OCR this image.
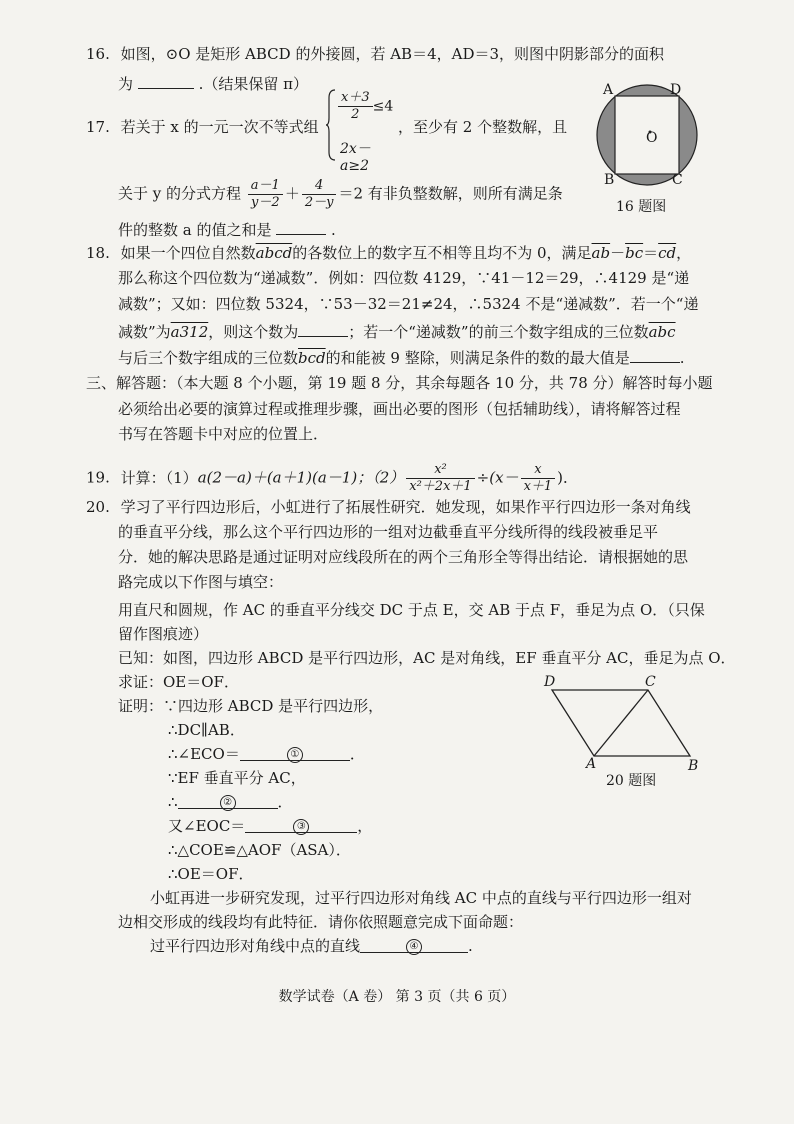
16. 如图，⊙O 是矩形 ABCD 的外接圆，若 AB＝4，AD＝3，则图中阴影部分的面积
为	.（结果保留 π）	A	D
O
B	C
16 题图
17. 若关于 x 的一元一次不等式组
$\frac{x+3}{2} \le 4$
2x－a≥2
，至少有 2 个整数解，且
关于 y 的分式方程 $\frac{a-1}{y-2} + \frac{4}{2-y} =2$ 有非负整数解，则所有满足条
件的整数 a 的值之和是	.
18. 如果一个四位自然数abcd的各数位上的数字互不相等且均不为 0，满足$\overline{ab}-\overline{bc}=\overline{cd}$，
那么称这个四位数为“递减数”．例如：四位数 4129，∵41－12＝29，∴4129 是“递
减数”；又如：四位数 5324，∵53－32＝21≠24，∴5324 不是“递减数”．若一个“递
减数”为a312，则这个数为	；若一个“递减数”的前三个数字组成的三位数$\overline{abc}$
与后三个数字组成的三位数$\overline{bcd}$的和能被 9 整除，则满足条件的数的最大值是	.
三、解答题：（本大题 8 个小题，第 19 题 8 分，其余每题各 10 分，共 78 分）解答时每小题
必须给出必要的演算过程或推理步骤，画出必要的图形（包括辅助线），请将解答过程
书写在答题卡中对应的位置上．
19. 计算：（1）a(2－a)＋(a＋1)(a－1)；$(2) \frac{\text{x²}}{\text{x²＋2x＋1}} \div(x- \frac{x}{x+1}$ )．
20. 学习了平行四边形后，小虹进行了拓展性研究．她发现，如果作平行四边形一条对角线
的垂直平分线，那么这个平行四边形的一组对边截垂直平分线所得的线段被垂足平
分．她的解决思路是通过证明对应线段所在的两个三角形全等得出结论．请根据她的思
路完成以下作图与填空：
用直尺和圆规，作 AC 的垂直平分线交 DC 于点 E，交 AB 于点 F，垂足为点 O．（只保
留作图痕迹）
已知：如图，四边形 ABCD 是平行四边形，AC 是对角线，EF 垂直平分 AC，垂足为点 O．
求证：OE＝OF．
证明：∵四边形 ABCD 是平行四边形，
∴DC∥AB．
∴∠ECO＝	①	．
∵EF 垂直平分 AC，
∴	②	．
又∠EOC＝	③	，
∴△COE≌△AOF（ASA）．
∴OE＝OF．
小虹再进一步研究发现，过平行四边形对角线 AC 中点的直线与平行四边形一组对
边相交形成的线段均有此特征．请你依照题意完成下面命题：
过平行四边形对角线中点的直线	④	.
D	C
A	B
20 题图
数学试卷（A 卷） 第 3 页（共 6 页）
